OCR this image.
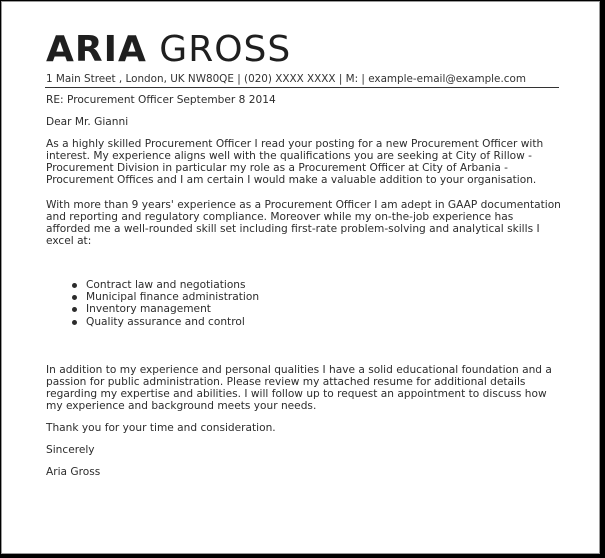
ARIA GROSS
1 Main Street , London, UK NW80QE | (020) XXXX XXXX | M: | example-email@example.com

RE: Procurement Officer September 8 2014

Dear Mr. Gianni

As a highly skilled Procurement Officer I read your posting for a new Procurement Officer with interest. My experience aligns well with the qualifications you are seeking at City of Rillow - Procurement Division in particular my role as a Procurement Officer at City of Arbania - Procurement Offices and I am certain I would make a valuable addition to your organisation.

With more than 9 years' experience as a Procurement Officer I am adept in GAAP documentation and reporting and regulatory compliance. Moreover while my on-the-job experience has afforded me a well-rounded skill set including first-rate problem-solving and analytical skills I excel at:

Contract law and negotiations
Municipal finance administration
Inventory management
Quality assurance and control

In addition to my experience and personal qualities I have a solid educational foundation and a passion for public administration. Please review my attached resume for additional details regarding my expertise and abilities. I will follow up to request an appointment to discuss how my experience and background meets your needs.

Thank you for your time and consideration.

Sincerely

Aria Gross
